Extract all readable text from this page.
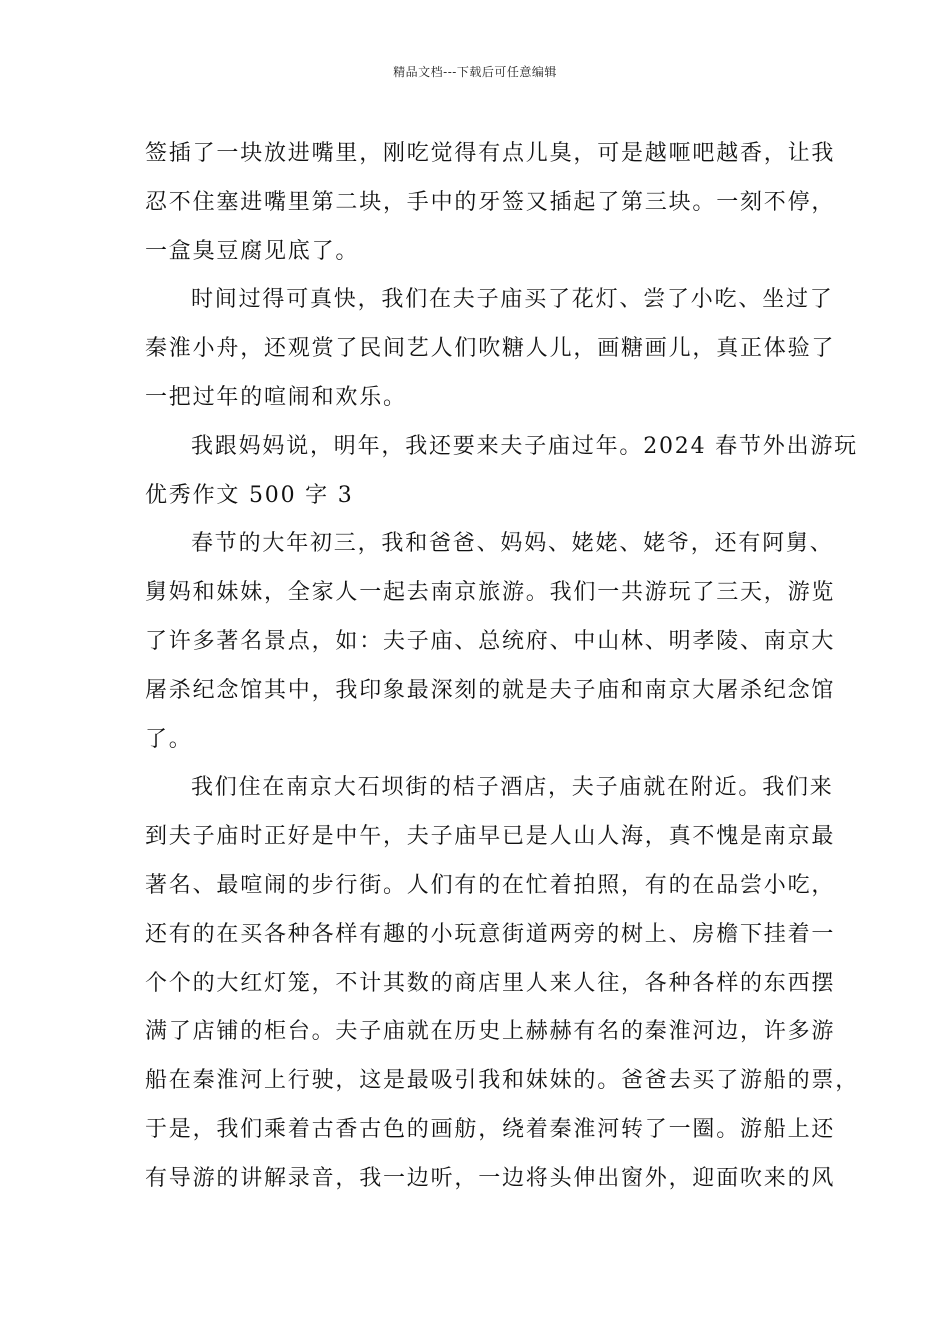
精品文档---下载后可任意编辑
签插了一块放进嘴里，刚吃觉得有点儿臭，可是越咂吧越香，让我
忍不住塞进嘴里第二块，手中的牙签又插起了第三块。一刻不停，
一盒臭豆腐见底了。
时间过得可真快，我们在夫子庙买了花灯、尝了小吃、坐过了
秦淮小舟，还观赏了民间艺人们吹糖人儿，画糖画儿，真正体验了
一把过年的喧闹和欢乐。
我跟妈妈说，明年，我还要来夫子庙过年。2024 春节外出游玩
优秀作文 500 字 3
春节的大年初三，我和爸爸、妈妈、姥姥、姥爷，还有阿舅、
舅妈和妹妹，全家人一起去南京旅游。我们一共游玩了三天，游览
了许多著名景点，如：夫子庙、总统府、中山林、明孝陵、南京大
屠杀纪念馆其中，我印象最深刻的就是夫子庙和南京大屠杀纪念馆
了。
我们住在南京大石坝街的桔子酒店，夫子庙就在附近。我们来
到夫子庙时正好是中午，夫子庙早已是人山人海，真不愧是南京最
著名、最喧闹的步行街。人们有的在忙着拍照，有的在品尝小吃，
还有的在买各种各样有趣的小玩意街道两旁的树上、房檐下挂着一
个个的大红灯笼，不计其数的商店里人来人往，各种各样的东西摆
满了店铺的柜台。夫子庙就在历史上赫赫有名的秦淮河边，许多游
船在秦淮河上行驶，这是最吸引我和妹妹的。爸爸去买了游船的票，
于是，我们乘着古香古色的画舫，绕着秦淮河转了一圈。游船上还
有导游的讲解录音，我一边听，一边将头伸出窗外，迎面吹来的风
